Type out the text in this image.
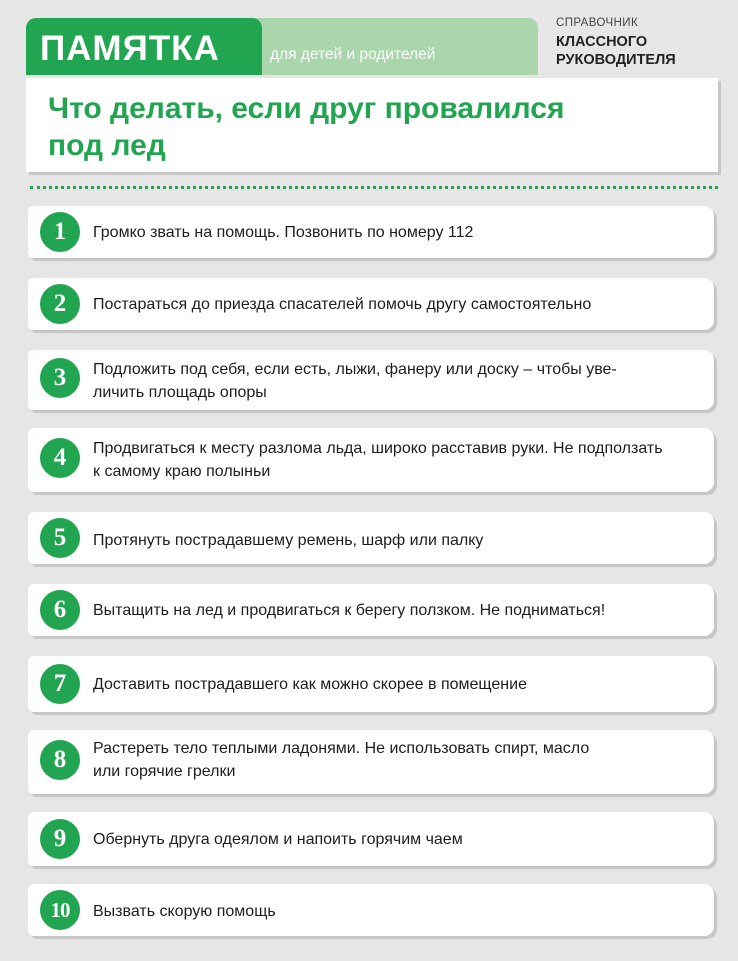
для детей и родителей
ПАМЯТКА
СПРАВОЧНИК
КЛАССНОГО
РУКОВОДИТЕЛЯ
Что делать, если друг провалился
под лед
1	Громко звать на помощь. Позвонить по номеру 112
2	Постараться до приезда спасателей помочь другу самостоятельно
3	Подложить под себя, если есть, лыжи, фанеру или доску – чтобы уве-
личить площадь опоры
4	Продвигаться к месту разлома льда, широко расставив руки. Не подползать
к самому краю полыньи
5	Протянуть пострадавшему ремень, шарф или палку
6	Вытащить на лед и продвигаться к берегу ползком. Не подниматься!
7	Доставить пострадавшего как можно скорее в помещение
8	Растереть тело теплыми ладонями. Не использовать спирт, масло
или горячие грелки
9	Обернуть друга одеялом и напоить горячим чаем
10	Вызвать скорую помощь
